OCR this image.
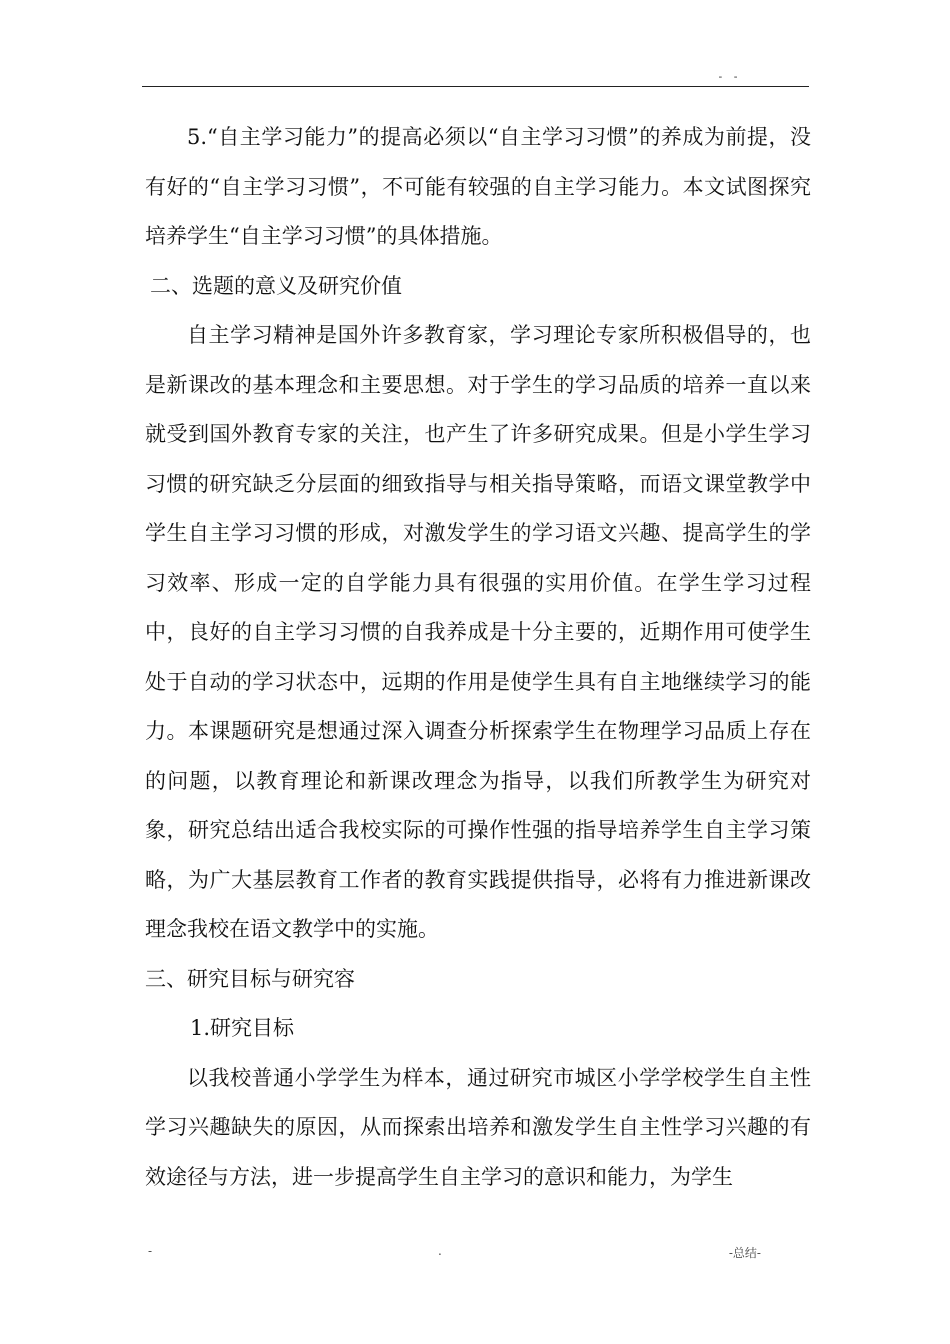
- -

5.“自主学习能力”的提高必须以“自主学习习惯”的养成为前提，没有好的“自主学习习惯”，不可能有较强的自主学习能力。本文试图探究培养学生“自主学习习惯”的具体措施。

二、选题的意义及研究价值

自主学习精神是国外许多教育家，学习理论专家所积极倡导的，也是新课改的基本理念和主要思想。对于学生的学习品质的培养一直以来就受到国外教育专家的关注，也产生了许多研究成果。但是小学生学习习惯的研究缺乏分层面的细致指导与相关指导策略，而语文课堂教学中学生自主学习习惯的形成，对激发学生的学习语文兴趣、提高学生的学习效率、形成一定的自学能力具有很强的实用价值。在学生学习过程中，良好的自主学习习惯的自我养成是十分主要的，近期作用可使学生处于自动的学习状态中，远期的作用是使学生具有自主地继续学习的能力。本课题研究是想通过深入调查分析探索学生在物理学习品质上存在的问题，以教育理论和新课改理念为指导，以我们所教学生为研究对象，研究总结出适合我校实际的可操作性强的指导培养学生自主学习策略，为广大基层教育工作者的教育实践提供指导，必将有力推进新课改理念我校在语文教学中的实施。

三、研究目标与研究容

1.研究目标

以我校普通小学学生为样本，通过研究市城区小学学校学生自主性学习兴趣缺失的原因，从而探索出培养和激发学生自主性学习兴趣的有效途径与方法，进一步提高学生自主学习的意识和能力，为学生

-	.	-总结-
